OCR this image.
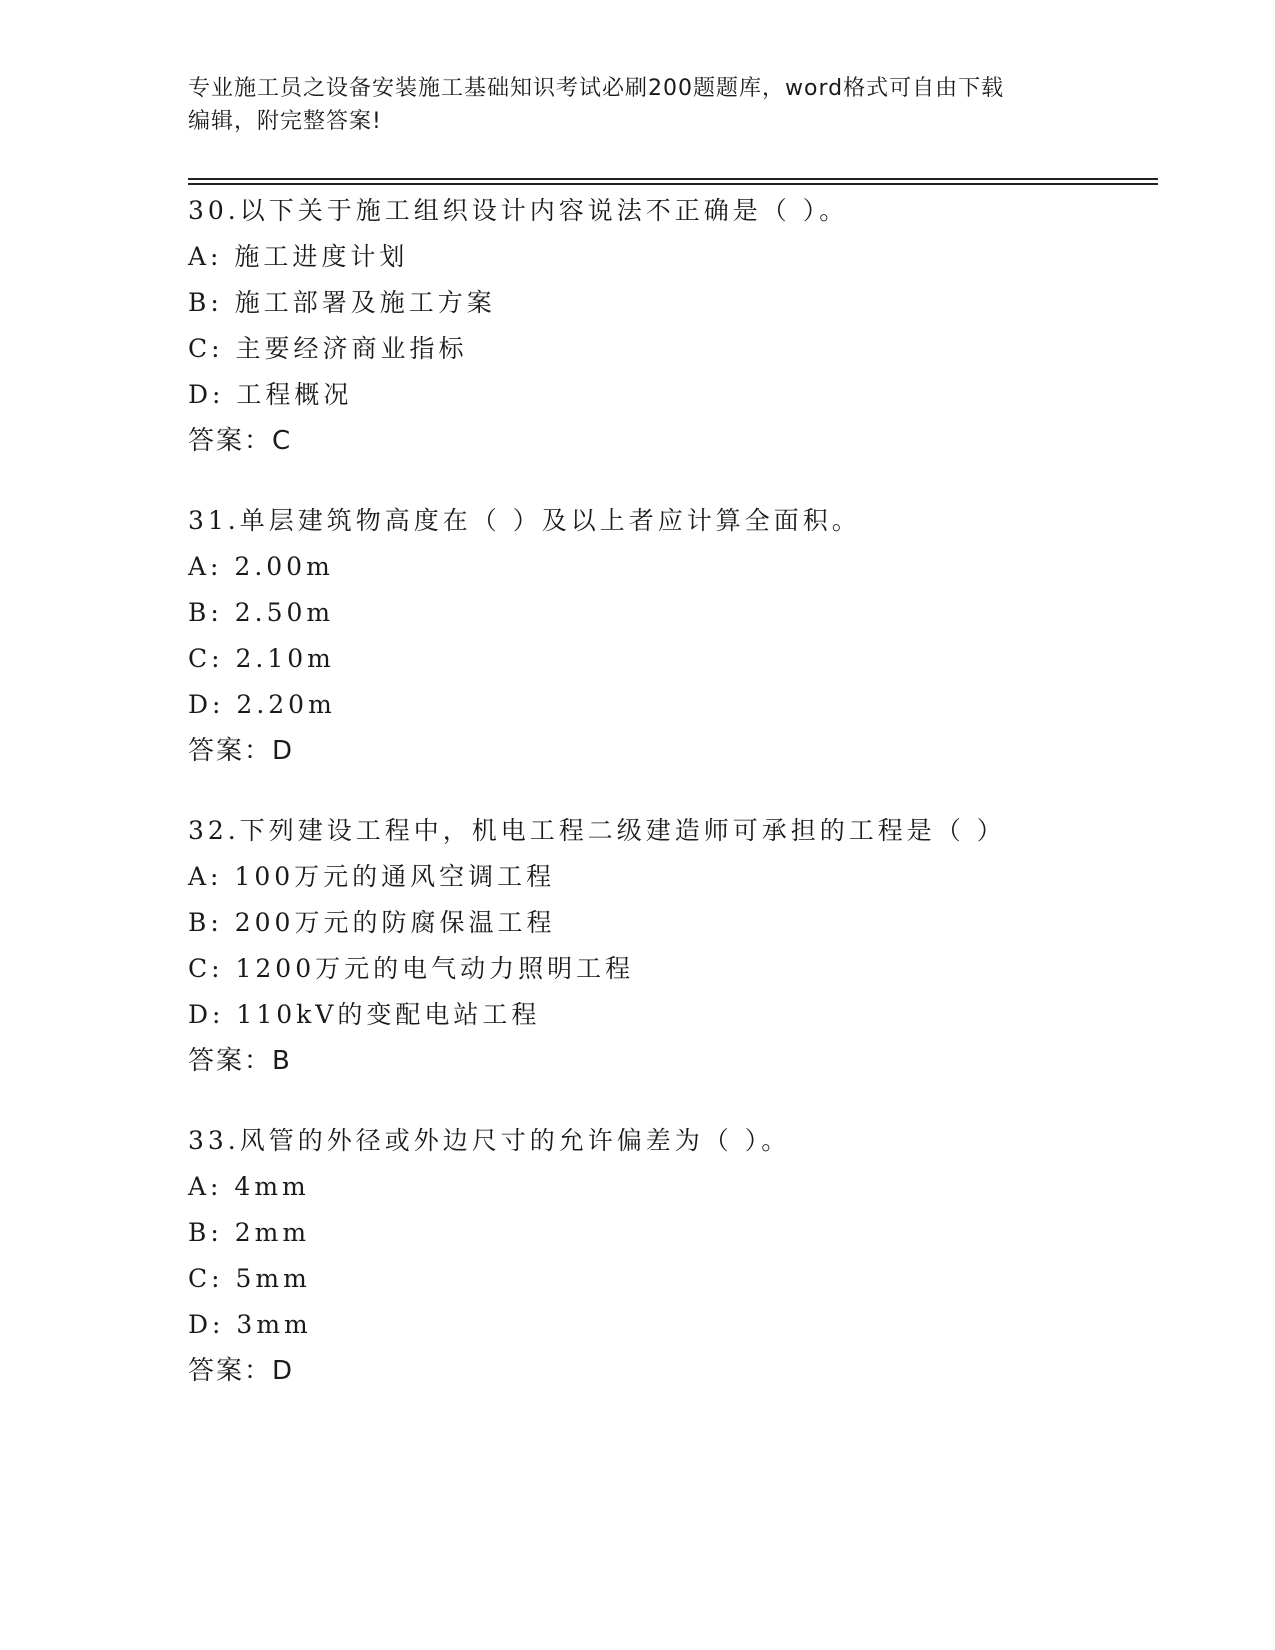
专业施工员之设备安装施工基础知识考试必刷200题题库，word格式可自由下载
编辑，附完整答案!
30.以下关于施工组织设计内容说法不正确是（ ）。
A: 施工进度计划
B: 施工部署及施工方案
C: 主要经济商业指标
D: 工程概况
答案：C
31.单层建筑物高度在（ ）及以上者应计算全面积。
A: 2.00m
B: 2.50m
C: 2.10m
D: 2.20m
答案：D
32.下列建设工程中，机电工程二级建造师可承担的工程是（ ）
A: 100万元的通风空调工程
B: 200万元的防腐保温工程
C: 1200万元的电气动力照明工程
D: 110kV的变配电站工程
答案：B
33.风管的外径或外边尺寸的允许偏差为（ ）。
A: 4mm
B: 2mm
C: 5mm
D: 3mm
答案：D
